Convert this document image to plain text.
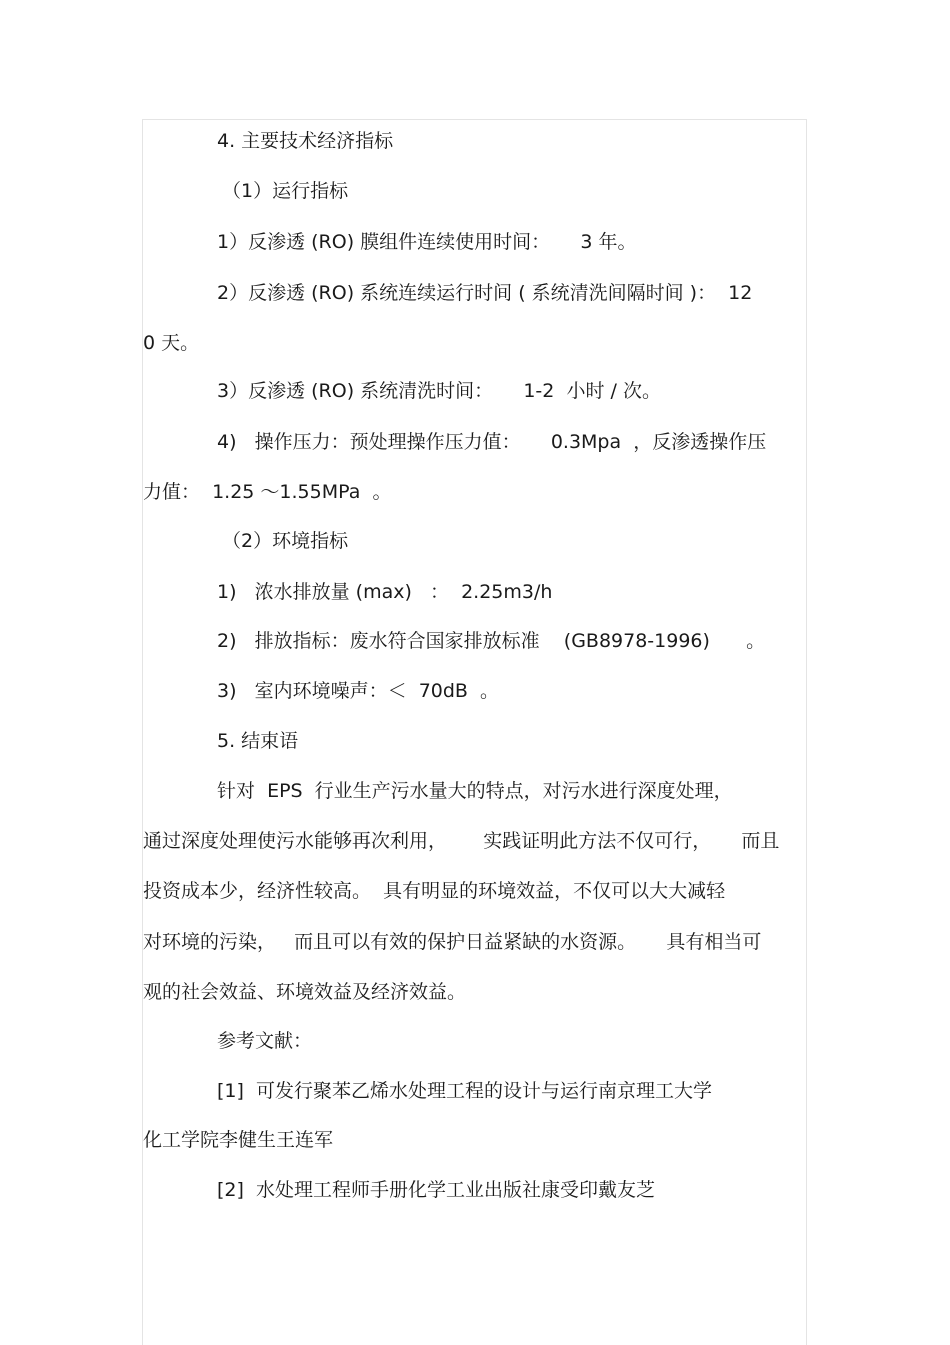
4. 主要技术经济指标

（1）运行指标

1）反渗透 (RO) 膜组件连续使用时间：     3 年。

2）反渗透 (RO) 系统连续运行时间 ( 系统清洗间隔时间 )：  12

0 天。

3）反渗透 (RO) 系统清洗时间：     1-2  小时 / 次。

4)   操作压力：预处理操作压力值：     0.3Mpa  ，反渗透操作压

力值：  1.25 ～1.55MPa  。

（2）环境指标

1)   浓水排放量 (max)   ：  2.25m3/h

2)   排放指标：废水符合国家排放标准    (GB8978-1996)      。

3)   室内环境噪声：＜  70dB  。

5. 结束语

针对  EPS  行业生产污水量大的特点，对污水进行深度处理，

通过深度处理使污水能够再次利用，      实践证明此方法不仅可行，     而且

投资成本少，经济性较高。  具有明显的环境效益，不仅可以大大减轻

对环境的污染，   而且可以有效的保护日益紧缺的水资源。     具有相当可

观的社会效益、环境效益及经济效益。

参考文献：

[1]  可发行聚苯乙烯水处理工程的设计与运行南京理工大学

化工学院李健生王连军

[2]  水处理工程师手册化学工业出版社康受印戴友芝
